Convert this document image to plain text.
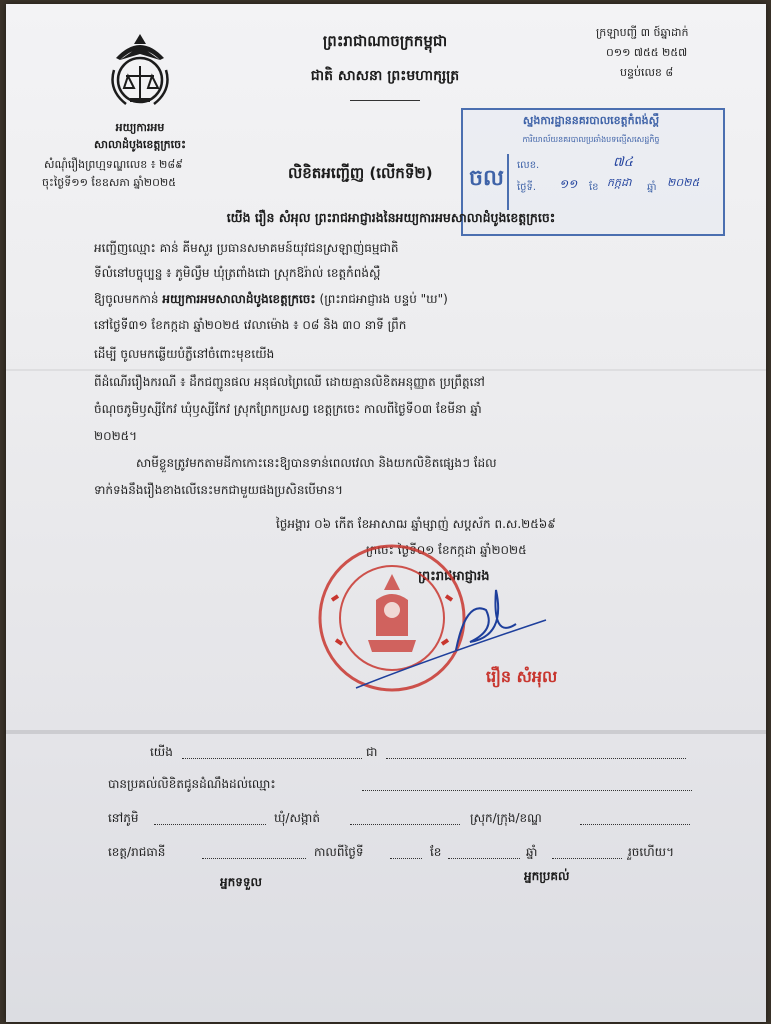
អយ្យការអម
សាលាដំបូងខេត្តក្រចេះ
សំណុំរឿងព្រហ្មទណ្ឌលេខ ៖ ២៨៩
ចុះថ្ងៃទី១១ ខែឧសភា ឆ្នាំ២០២៥
ព្រះរាជាណាចក្រកម្ពុជា
ជាតិ សាសនា ព្រះមហាក្សត្រ
ក្រឡាបញ្ជី ៣ ថ៍ឆ្នាដាក់
០១១ ៧៥៥ ២៥៧
បន្ទប់លេខ ៨
ស្នងការដ្ឋាននគរបាលខេត្តកំពង់ស្ពឺ
ការិយាល័យនគរបាលប្រឆាំងបទល្មើសសេដ្ឋកិច្ច
ចល
លេខ.	៧៤
ថ្ងៃទី. ១១ ខែ កក្កដា ឆ្នាំ ២០២៥
លិខិតអញ្ជើញ (លើកទី២)
យើង រឿន សំអុល ព្រះរាជអាជ្ញារងនៃអយ្យការអមសាលាដំបូងខេត្តក្រចេះ
អញ្ជើញឈ្មោះ គាន់ គីមសួរ ប្រធានសមាគមន៍យុវជនស្រឡាញ់ធម្មជាតិ
ទីលំនៅបច្ចុប្បន្ន ៖ ភូមិល្វឹម ឃុំត្រពាំងជោ ស្រុកឱរ៉ាល់ ខេត្តកំពង់ស្ពឺ
ឱ្យចូលមកកាន់ អយ្យការអមសាលាដំបូងខេត្តក្រចេះ (ព្រះរាជអាជ្ញារង បន្ទប់ "ឃ")
នៅថ្ងៃទី៣១ ខែកក្កដា ឆ្នាំ២០២៥ វេលាម៉ោង ៖ ០៨ និង ៣០ នាទី ព្រឹក
ដើម្បី ចូលមកឆ្លើយបំភ្លឺនៅចំពោះមុខយើង
ពីដំណើររឿងករណី ៖ ដឹកជញ្ជូនផល អនុផលព្រៃឈើ ដោយគ្មានលិខិតអនុញ្ញាត ប្រព្រឹត្តនៅ
ចំណុចភូមិឫស្សីកែវ ឃុំឫស្សីកែវ ស្រុកព្រែកប្រសព្វ ខេត្តក្រចេះ កាលពីថ្ងៃទី០៣ ខែមីនា ឆ្នាំ
២០២៥។
សាមីខ្លួនត្រូវមកតាមដីកាកោះនេះឱ្យបានទាន់ពេលវេលា និងយកលិខិតផ្សេងៗ ដែល
ទាក់ទងនឹងរឿងខាងលើនេះមកជាមួយផងប្រសិនបើមាន។
ថ្ងៃអង្គារ ០៦ កើត ខែអាសាឍ ឆ្នាំម្សាញ់ សប្តស័ក ព.ស.២៥៦៩
ក្រចេះ ថ្ងៃទី០១ ខែកក្កដា ឆ្នាំ២០២៥
ព្រះរាជអាជ្ញារង
រឿន សំអុល
យើង	ជា
បានប្រគល់លិខិតជូនដំណឹងដល់ឈ្មោះ
នៅភូមិ	ឃុំ/សង្កាត់	ស្រុក/ក្រុង/ខណ្ឌ
ខេត្ត/រាជធានី	កាលពីថ្ងៃទី	ខែ	ឆ្នាំ	រួចហើយ។
អ្នកទទួល	អ្នកប្រគល់
